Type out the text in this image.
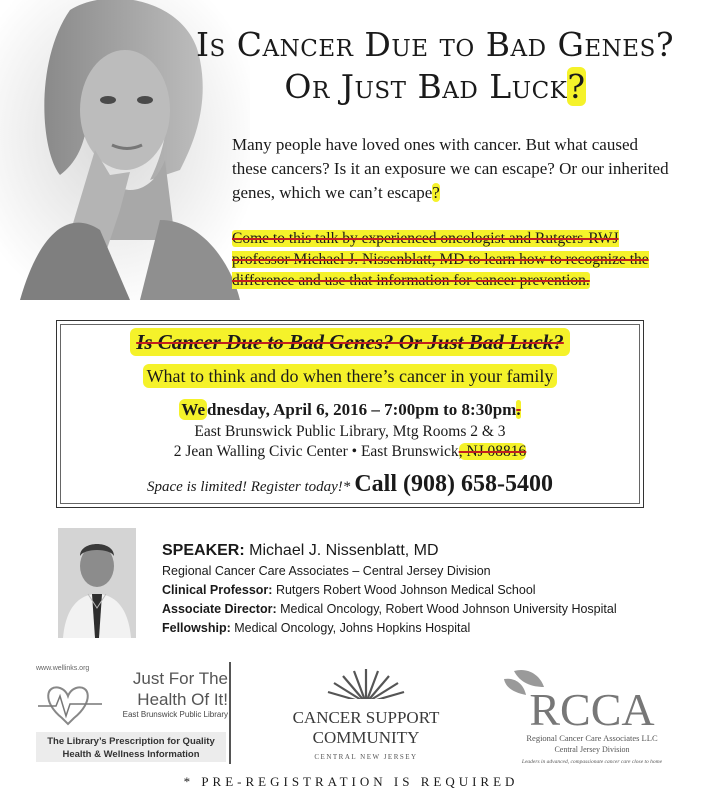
Is Cancer Due to Bad Genes?
Or Just Bad Luck?
Many people have loved ones with cancer. But what caused these cancers? Is it an exposure we can escape? Or our inherited genes, which we can’t escape?
Come to this talk by experienced oncologist and Rutgers-RWJ professor Michael J. Nissenblatt, MD to learn how to recognize the difference and use that information for cancer prevention.
Is Cancer Due to Bad Genes? Or Just Bad Luck?
What to think and do when there’s cancer in your family
We dnesday, April 6, 2016 – 7:00pm to 8:30pm.
East Brunswick Public Library, Mtg Rooms 2 & 3
2 Jean Walling Civic Center • East Brunswick, NJ 08816
Space is limited! Register today!* Call (908) 658-5400
SPEAKER: Michael J. Nissenblatt, MD
Regional Cancer Care Associates – Central Jersey Division
Clinical Professor: Rutgers Robert Wood Johnson Medical School
Associate Director: Medical Oncology, Robert Wood Johnson University Hospital
Fellowship: Medical Oncology, Johns Hopkins Hospital
www.wellinks.org
Just For The
Health Of It!
East Brunswick Public Library
The Library’s Prescription for Quality
Health & Wellness Information
CANCER SUPPORT
COMMUNITY
CENTRAL NEW JERSEY
RCCA
Regional Cancer Care Associates LLC
Central Jersey Division
Leaders in advanced, compassionate cancer care close to home
* PRE-REGISTRATION IS REQUIRED
